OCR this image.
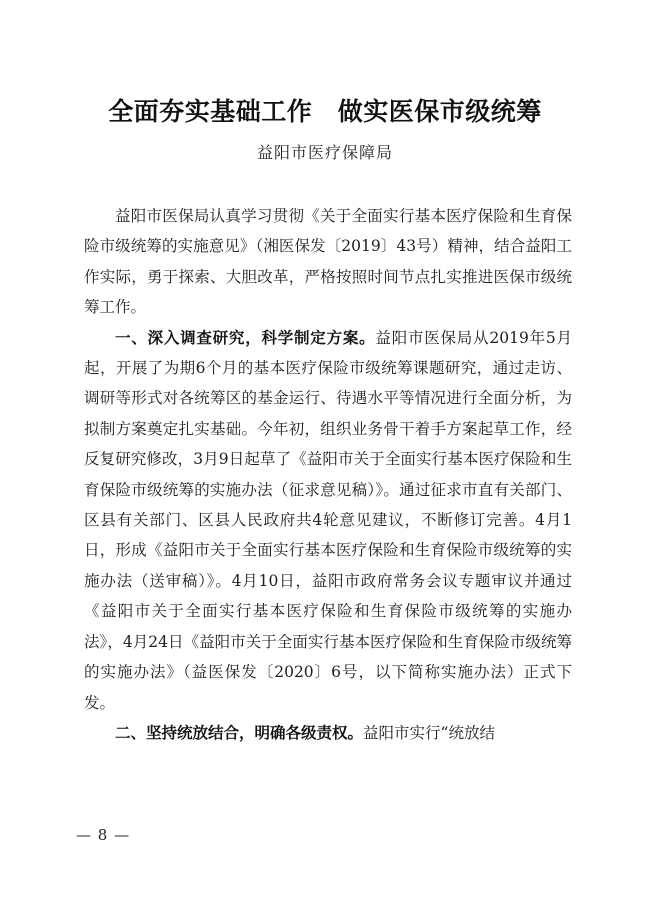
全面夯实基础工作　做实医保市级统筹
益阳市医疗保障局

益阳市医保局认真学习贯彻《关于全面实行基本医疗保险和生育保险市级统筹的实施意见》（湘医保发〔2019〕43号）精神，结合益阳工作实际，勇于探索、大胆改革，严格按照时间节点扎实推进医保市级统筹工作。

一、深入调查研究，科学制定方案。益阳市医保局从2019年5月起，开展了为期6个月的基本医疗保险市级统筹课题研究，通过走访、调研等形式对各统筹区的基金运行、待遇水平等情况进行全面分析，为拟制方案奠定扎实基础。今年初，组织业务骨干着手方案起草工作，经反复研究修改，3月9日起草了《益阳市关于全面实行基本医疗保险和生育保险市级统筹的实施办法（征求意见稿）》。通过征求市直有关部门、区县有关部门、区县人民政府共4轮意见建议，不断修订完善。4月1日，形成《益阳市关于全面实行基本医疗保险和生育保险市级统筹的实施办法（送审稿）》。4月10日，益阳市政府常务会议专题审议并通过《益阳市关于全面实行基本医疗保险和生育保险市级统筹的实施办法》，4月24日《益阳市关于全面实行基本医疗保险和生育保险市级统筹的实施办法》（益医保发〔2020〕6号，以下简称实施办法）正式下发。

二、坚持统放结合，明确各级责权。益阳市实行“统放结

— 8 —
